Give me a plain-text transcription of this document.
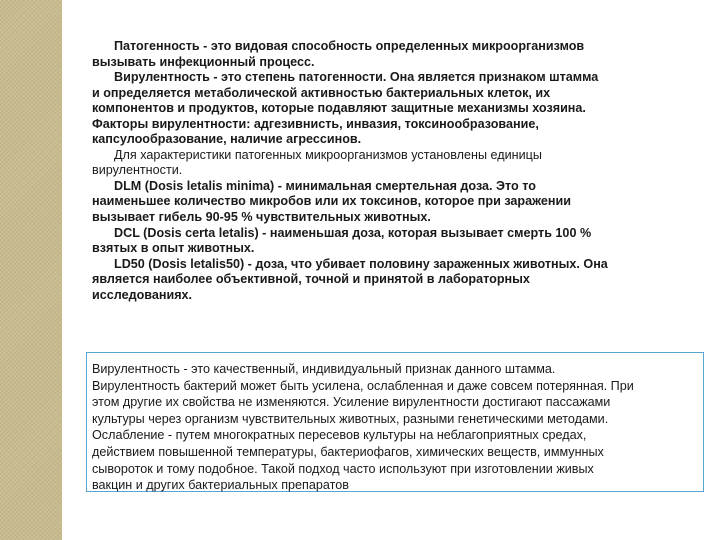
Патогенность - это видовая способность определенных микроорганизмов
вызывать инфекционный процесс.
Вирулентность - это степень патогенности. Она является признаком штамма
и определяется метаболической активностью бактериальных клеток, их
компонентов и продуктов, которые подавляют защитные механизмы хозяина.
Факторы вирулентности: адгезивнисть, инвазия, токсинообразование,
капсулообразование, наличие агрессинов.
Для характеристики патогенных микроорганизмов установлены единицы
вирулентности.
DLM (Dosis letalis minima) - минимальная смертельная доза. Это то
наименьшее количество микробов или их токсинов, которое при заражении
вызывает гибель 90-95 % чувствительных животных.
DCL (Dosis certa letalis) - наименьшая доза, которая вызывает смерть 100 %
взятых в опыт животных.
LD50 (Dosis letalis50) - доза, что убивает половину зараженных животных. Она
является наиболее объективной, точной и принятой в лабораторных
исследованиях.
Вирулентность - это качественный, индивидуальный признак данного штамма.
Вирулентность бактерий может быть усилена, ослабленная и даже совсем потерянная. При
этом другие их свойства не изменяются. Усиление вирулентности достигают пассажами
культуры через организм чувствительных животных, разными генетическими методами.
Ослабление - путем многократных пересевов культуры на неблагоприятных средах,
действием повышенной температуры, бактериофагов, химических веществ, иммунных
сывороток и тому подобное. Такой подход часто используют при изготовлении живых
вакцин и других бактериальных препаратов
